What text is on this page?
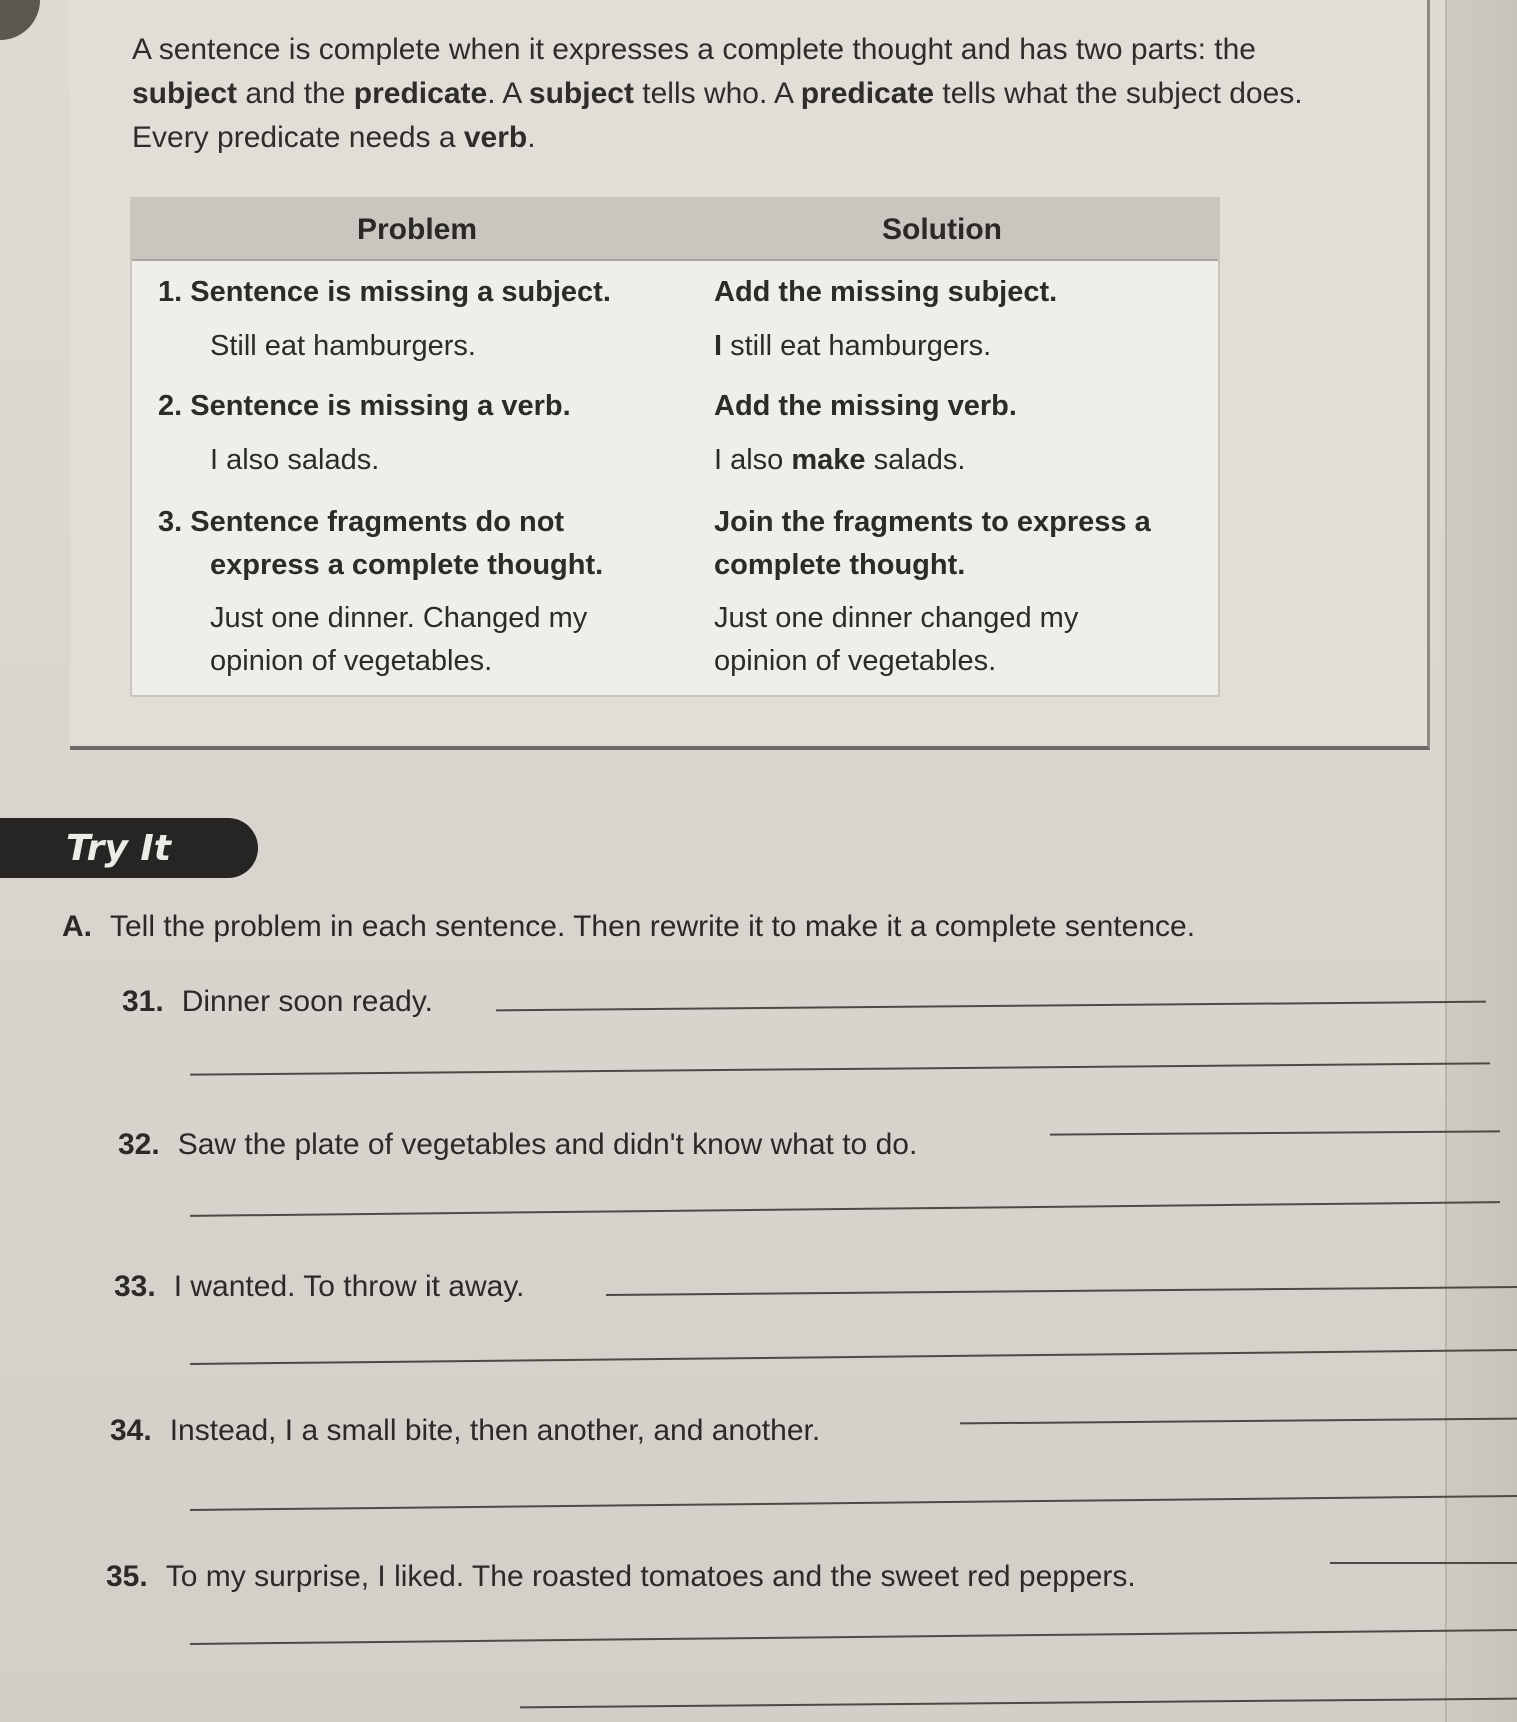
A sentence is complete when it expresses a complete thought and has two parts: the subject and the predicate. A subject tells who. A predicate tells what the subject does. Every predicate needs a verb.
Problem	Solution
1. Sentence is missing a subject.
Still eat hamburgers.
Add the missing subject.
I still eat hamburgers.
2. Sentence is missing a verb.
I also salads.
Add the missing verb.
I also make salads.
3. Sentence fragments do not
express a complete thought.
Just one dinner. Changed my
opinion of vegetables.
Join the fragments to express a
complete thought.
Just one dinner changed my
opinion of vegetables.
Try It
A. Tell the problem in each sentence. Then rewrite it to make it a complete sentence.
31. Dinner soon ready.
32. Saw the plate of vegetables and didn't know what to do.
33. I wanted. To throw it away.
34. Instead, I a small bite, then another, and another.
35. To my surprise, I liked. The roasted tomatoes and the sweet red peppers.
